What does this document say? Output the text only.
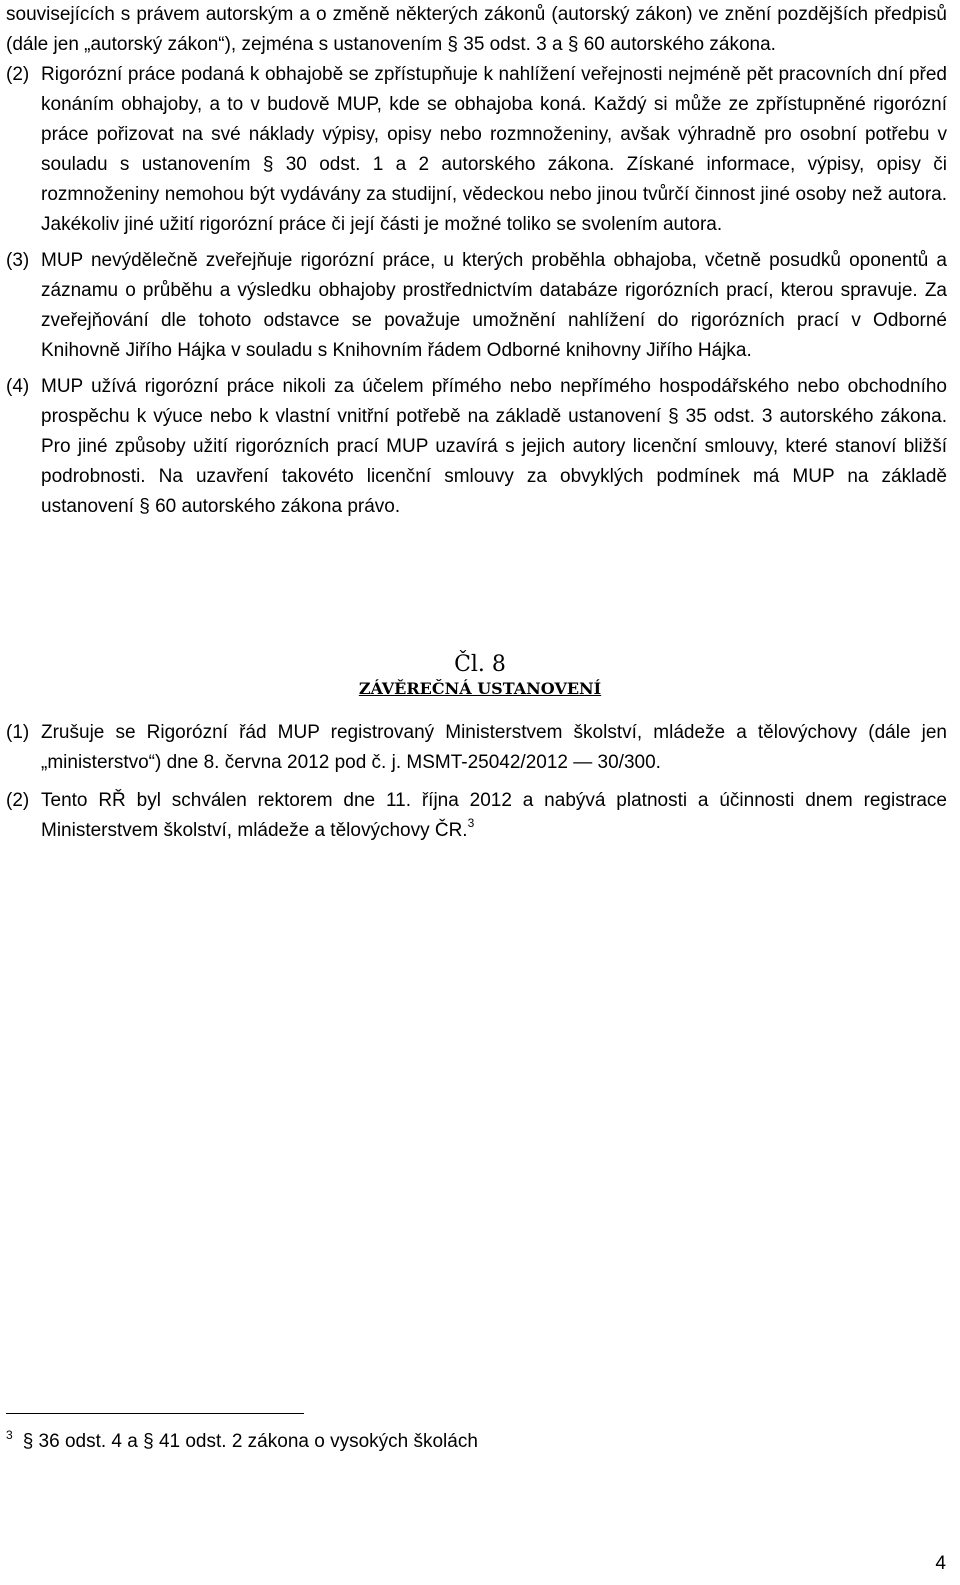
souvisejících s právem autorským a o změně některých zákonů (autorský zákon) ve znění pozdějších předpisů (dále jen „autorský zákon“), zejména s ustanovením § 35 odst. 3 a § 60 autorského zákona.

(2) Rigorózní práce podaná k obhajobě se zpřístupňuje k nahlížení veřejnosti nejméně pět pracovních dní před konáním obhajoby, a to v budově MUP, kde se obhajoba koná. Každý si může ze zpřístupněné rigorózní práce pořizovat na své náklady výpisy, opisy nebo rozmnoženiny, avšak výhradně pro osobní potřebu v souladu s ustanovením § 30 odst. 1 a 2 autorského zákona. Získané informace, výpisy, opisy či rozmnoženiny nemohou být vydávány za studijní, vědeckou nebo jinou tvůrčí činnost jiné osoby než autora. Jakékoliv jiné užití rigorózní práce či její části je možné toliko se svolením autora.

(3) MUP nevýdělečně zveřejňuje rigorózní práce, u kterých proběhla obhajoba, včetně posudků oponentů a záznamu o průběhu a výsledku obhajoby prostřednictvím databáze rigorózních prací, kterou spravuje. Za zveřejňování dle tohoto odstavce se považuje umožnění nahlížení do rigorózních prací v Odborné Knihovně Jiřího Hájka v souladu s Knihovním řádem Odborné knihovny Jiřího Hájka.

(4) MUP užívá rigorózní práce nikoli za účelem přímého nebo nepřímého hospodářského nebo obchodního prospěchu k výuce nebo k vlastní vnitřní potřebě na základě ustanovení § 35 odst. 3 autorského zákona. Pro jiné způsoby užití rigorózních prací MUP uzavírá s jejich autory licenční smlouvy, které stanoví bližší podrobnosti. Na uzavření takovéto licenční smlouvy za obvyklých podmínek má MUP na základě ustanovení § 60 autorského zákona právo.

Čl. 8
ZÁVĚREČNÁ USTANOVENÍ

(1) Zrušuje se Rigorózní řád MUP registrovaný Ministerstvem školství, mládeže a tělovýchovy (dále jen „ministerstvo“) dne 8. června 2012 pod č. j. MSMT-25042/2012 — 30/300.

(2) Tento RŘ byl schválen rektorem dne 11. října 2012 a nabývá platnosti a účinnosti dnem registrace Ministerstvem školství, mládeže a tělovýchovy ČR.$^3$

$^3$ § 36 odst. 4 a § 41 odst. 2 zákona o vysokých školách
4
